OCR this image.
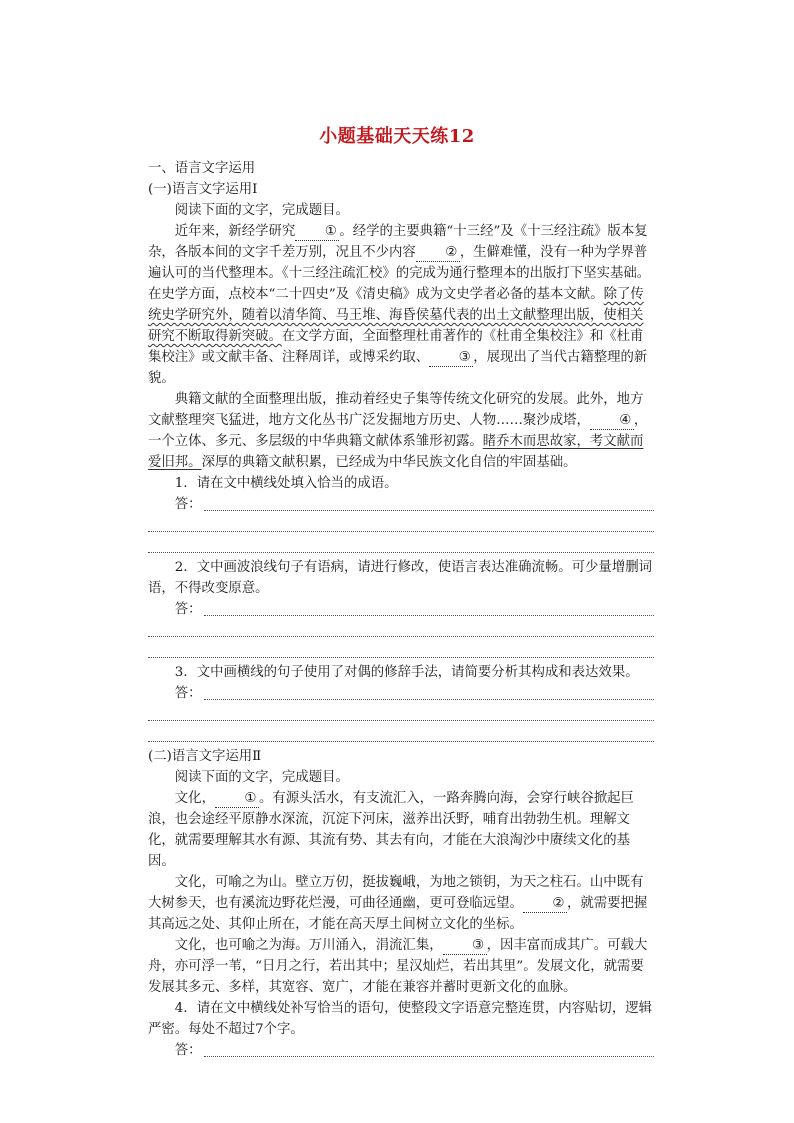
小题基础天天练12

一、语言文字运用

(一)语言文字运用Ⅰ

阅读下面的文字，完成题目。

近年来，新经学研究 ① 。经学的主要典籍“十三经”及《十三经注疏》版本复杂，各版本间的文字千差万别，况且不少内容 ② ，生僻难懂，没有一种为学界普遍认可的当代整理本。《十三经注疏汇校》的完成为通行整理本的出版打下坚实基础。在史学方面，点校本“二十四史”及《清史稿》成为文史学者必备的基本文献。除了传统史学研究外，随着以清华简、马王堆、海昏侯墓代表的出土文献整理出版，使相关研究不断取得新突破。在文学方面，全面整理杜甫著作的《杜甫全集校注》和《杜甫集校注》或文献丰备、注释周详，或博采约取、 ③ ，展现出了当代古籍整理的新貌。

典籍文献的全面整理出版，推动着经史子集等传统文化研究的发展。此外，地方文献整理突飞猛进，地方文化丛书广泛发掘地方历史、人物……聚沙成塔， ④ ，一个立体、多元、多层级的中华典籍文献体系雏形初露。睹乔木而思故家，考文献而爱旧邦。深厚的典籍文献积累，已经成为中华民族文化自信的牢固基础。

1．请在文中横线处填入恰当的成语。

答：

2．文中画波浪线句子有语病，请进行修改，使语言表达准确流畅。可少量增删词语，不得改变原意。

答：

3．文中画横线的句子使用了对偶的修辞手法，请简要分析其构成和表达效果。

答：

(二)语言文字运用Ⅱ

阅读下面的文字，完成题目。

文化， ① 。有源头活水，有支流汇入，一路奔腾向海，会穿行峡谷掀起巨浪，也会途经平原静水深流，沉淀下河床，滋养出沃野，哺育出勃勃生机。理解文化，就需要理解其水有源、其流有势、其去有向，才能在大浪淘沙中赓续文化的基因。

文化，可喻之为山。壁立万仞，挺拔巍峨，为地之锁钥，为天之柱石。山中既有大树参天，也有溪流边野花烂漫，可曲径通幽，更可登临远望。 ② ，就需要把握其高远之处、其仰止所在，才能在高天厚土间树立文化的坐标。

文化，也可喻之为海。万川涌入，涓流汇集， ③ ，因丰富而成其广。可载大舟，亦可浮一苇，“日月之行，若出其中；星汉灿烂，若出其里”。发展文化，就需要发展其多元、多样，其宽容、宽广，才能在兼容并蓄时更新文化的血脉。

4．请在文中横线处补写恰当的语句，使整段文字语意完整连贯，内容贴切，逻辑严密。每处不超过7个字。

答：
